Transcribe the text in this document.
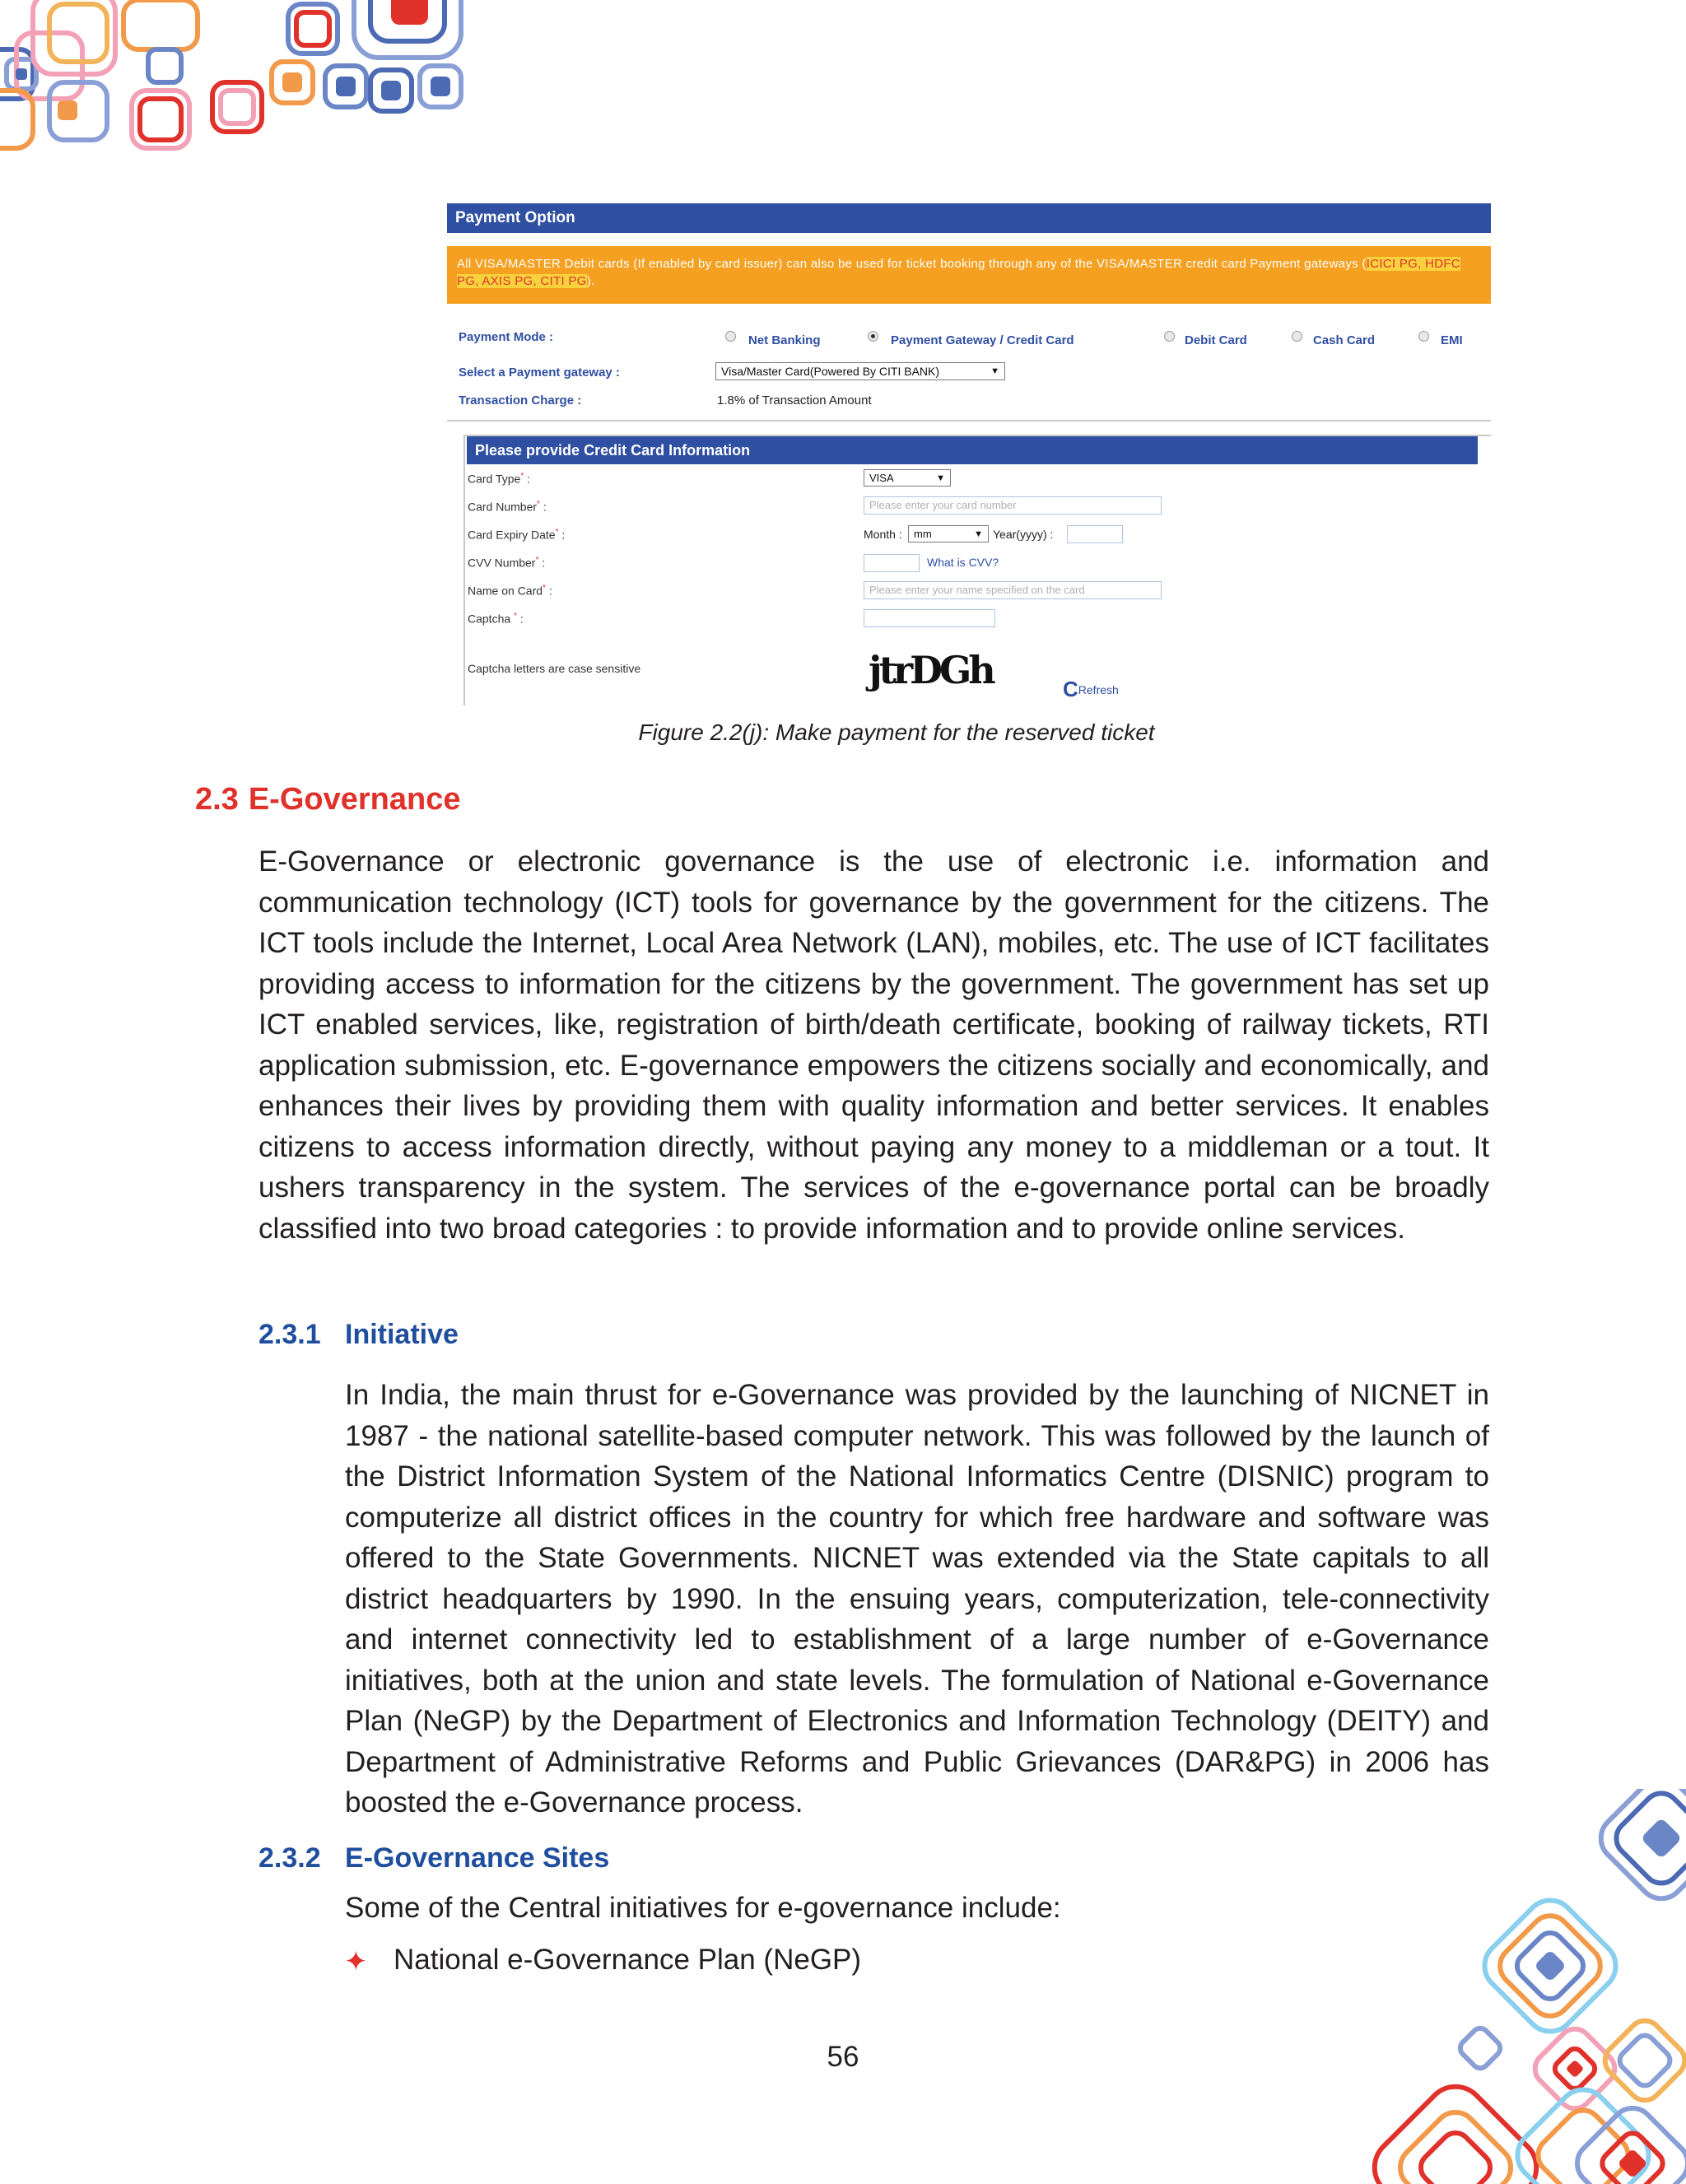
Payment Option
All VISA/MASTER Debit cards (If enabled by card issuer) can also be used for ticket booking through any of the VISA/MASTER credit card Payment gateways (ICICI PG, HDFC PG, AXIS PG, CITI PG).
Payment Mode :	Net Banking	Payment Gateway / Credit Card	Debit Card	Cash Card	EMI
Select a Payment gateway :	Visa/Master Card(Powered By CITI BANK)	▼
Transaction Charge :	1.8% of Transaction Amount
Please provide Credit Card Information
Card Type* :	VISA	▼
Card Number* :	Please enter your card number
Card Expiry Date* :	Month :	mm	▼ Year(yyyy) :
CVV Number* :	What is CVV?
Name on Card* :	Please enter your name specified on the card
Captcha * :
Captcha letters are case sensitive	jtrDGh	CRefresh
Figure 2.2(j): Make payment for the reserved ticket
2.3 E-Governance

E-Governance or electronic governance is the use of electronic i.e. information and communication technology (ICT) tools for governance by the government for the citizens. The ICT tools include the Internet, Local Area Network (LAN), mobiles, etc. The use of ICT facilitates providing access to information for the citizens by the government. The government has set up ICT enabled services, like, registration of birth/death certificate, booking of railway tickets, RTI application submission, etc. E-governance empowers the citizens socially and economically, and enhances their lives by providing them with quality information and better services. It enables citizens to access information directly, without paying any money to a middleman or a tout. It ushers transparency in the system. The services of the e-governance portal can be broadly classified into two broad categories : to provide information and to provide online services.

2.3.1 Initiative

In India, the main thrust for e-Governance was provided by the launching of NICNET in 1987 - the national satellite-based computer network. This was followed by the launch of the District Information System of the National Informatics Centre (DISNIC) program to computerize all district offices in the country for which free hardware and software was offered to the State Governments. NICNET was extended via the State capitals to all district headquarters by 1990. In the ensuing years, computerization, tele-connectivity and internet connectivity led to establishment of a large number of e-Governance initiatives, both at the union and state levels. The formulation of National e-Governance Plan (NeGP) by the Department of Electronics and Information Technology (DEITY) and Department of Administrative Reforms and Public Grievances (DAR&PG) in 2006 has boosted the e-Governance process.

2.3.2 E-Governance Sites
Some of the Central initiatives for e-governance include:
✦ National e-Governance Plan (NeGP)
56
